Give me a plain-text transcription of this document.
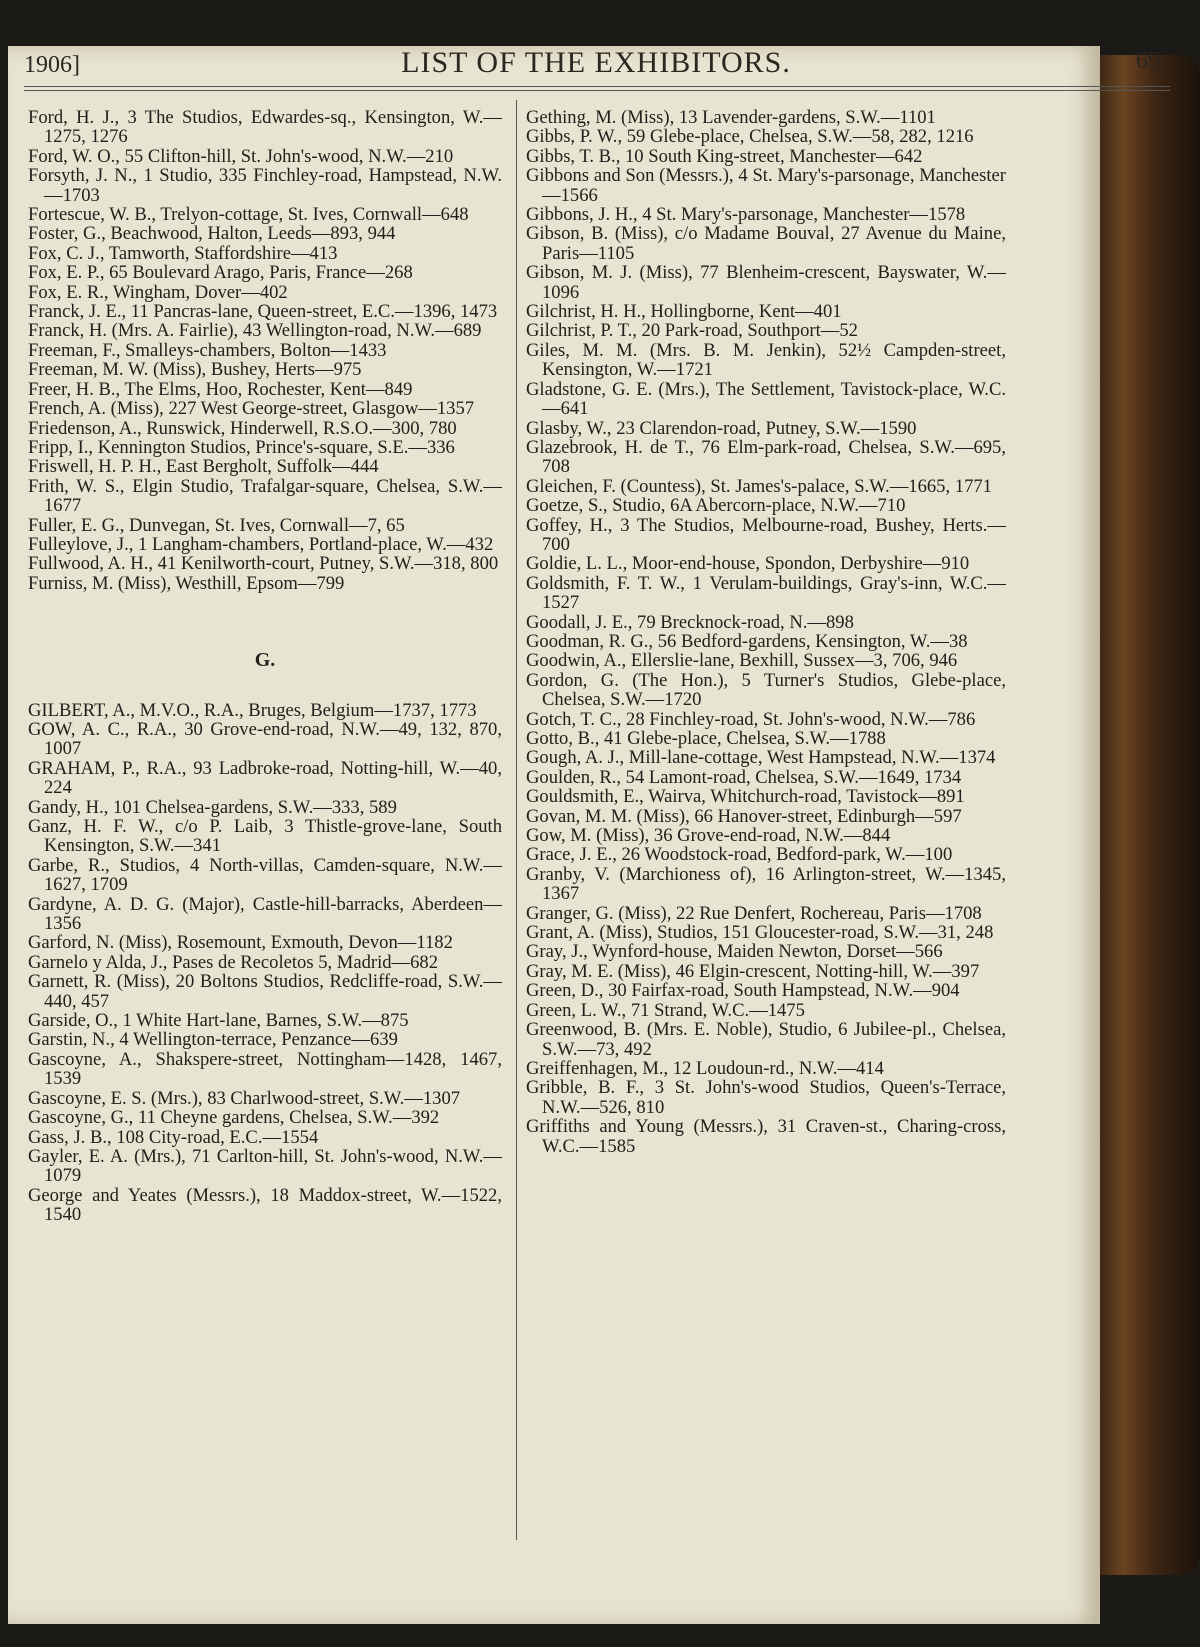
1906]	LIST OF THE EXHIBITORS.	69

Ford, H. J., 3 The Studios, Edwardes-sq., Kensington, W.—1275, 1276

Ford, W. O., 55 Clifton-hill, St. John's-wood, N.W.—210

Forsyth, J. N., 1 Studio, 335 Finchley-road, Hampstead, N.W.—1703

Fortescue, W. B., Trelyon-cottage, St. Ives, Cornwall—648

Foster, G., Beachwood, Halton, Leeds—893, 944

Fox, C. J., Tamworth, Staffordshire—413

Fox, E. P., 65 Boulevard Arago, Paris, France—268

Fox, E. R., Wingham, Dover—402

Franck, J. E., 11 Pancras-lane, Queen-street, E.C.—1396, 1473

Franck, H. (Mrs. A. Fairlie), 43 Wellington-road, N.W.—689

Freeman, F., Smalleys-chambers, Bolton—1433

Freeman, M. W. (Miss), Bushey, Herts—975

Freer, H. B., The Elms, Hoo, Rochester, Kent—849

French, A. (Miss), 227 West George-street, Glasgow—1357

Friedenson, A., Runswick, Hinderwell, R.S.O.—300, 780

Fripp, I., Kennington Studios, Prince's-square, S.E.—336

Friswell, H. P. H., East Bergholt, Suffolk—444

Frith, W. S., Elgin Studio, Trafalgar-square, Chelsea, S.W.—1677

Fuller, E. G., Dunvegan, St. Ives, Cornwall—7, 65

Fulleylove, J., 1 Langham-chambers, Portland-place, W.—432

Fullwood, A. H., 41 Kenilworth-court, Putney, S.W.—318, 800

Furniss, M. (Miss), Westhill, Epsom—799

G.

GILBERT, A., M.V.O., R.A., Bruges, Belgium—1737, 1773

GOW, A. C., R.A., 30 Grove-end-road, N.W.—49, 132, 870, 1007

GRAHAM, P., R.A., 93 Ladbroke-road, Notting-hill, W.—40, 224

Gandy, H., 101 Chelsea-gardens, S.W.—333, 589

Ganz, H. F. W., c/o P. Laib, 3 Thistle-grove-lane, South Kensington, S.W.—341

Garbe, R., Studios, 4 North-villas, Camden-square, N.W.—1627, 1709

Gardyne, A. D. G. (Major), Castle-hill-barracks, Aberdeen—1356

Garford, N. (Miss), Rosemount, Exmouth, Devon—1182

Garnelo y Alda, J., Pases de Recoletos 5, Madrid—682

Garnett, R. (Miss), 20 Boltons Studios, Redcliffe-road, S.W.—440, 457

Garside, O., 1 White Hart-lane, Barnes, S.W.—875

Garstin, N., 4 Wellington-terrace, Penzance—639

Gascoyne, A., Shakspere-street, Nottingham—1428, 1467, 1539

Gascoyne, E. S. (Mrs.), 83 Charlwood-street, S.W.—1307

Gascoyne, G., 11 Cheyne gardens, Chelsea, S.W.—392

Gass, J. B., 108 City-road, E.C.—1554

Gayler, E. A. (Mrs.), 71 Carlton-hill, St. John's-wood, N.W.—1079

George and Yeates (Messrs.), 18 Maddox-street, W.—1522, 1540

Gething, M. (Miss), 13 Lavender-gardens, S.W.—1101

Gibbs, P. W., 59 Glebe-place, Chelsea, S.W.—58, 282, 1216

Gibbs, T. B., 10 South King-street, Manchester—642

Gibbons and Son (Messrs.), 4 St. Mary's-parsonage, Manchester—1566

Gibbons, J. H., 4 St. Mary's-parsonage, Manchester—1578

Gibson, B. (Miss), c/o Madame Bouval, 27 Avenue du Maine, Paris—1105

Gibson, M. J. (Miss), 77 Blenheim-crescent, Bayswater, W.—1096

Gilchrist, H. H., Hollingborne, Kent—401

Gilchrist, P. T., 20 Park-road, Southport—52

Giles, M. M. (Mrs. B. M. Jenkin), 52½ Campden-street, Kensington, W.—1721

Gladstone, G. E. (Mrs.), The Settlement, Tavistock-place, W.C.—641

Glasby, W., 23 Clarendon-road, Putney, S.W.—1590

Glazebrook, H. de T., 76 Elm-park-road, Chelsea, S.W.—695, 708

Gleichen, F. (Countess), St. James's-palace, S.W.—1665, 1771

Goetze, S., Studio, 6A Abercorn-place, N.W.—710

Goffey, H., 3 The Studios, Melbourne-road, Bushey, Herts.—700

Goldie, L. L., Moor-end-house, Spondon, Derbyshire—910

Goldsmith, F. T. W., 1 Verulam-buildings, Gray's-inn, W.C.—1527

Goodall, J. E., 79 Brecknock-road, N.—898

Goodman, R. G., 56 Bedford-gardens, Kensington, W.—38

Goodwin, A., Ellerslie-lane, Bexhill, Sussex—3, 706, 946

Gordon, G. (The Hon.), 5 Turner's Studios, Glebe-place, Chelsea, S.W.—1720

Gotch, T. C., 28 Finchley-road, St. John's-wood, N.W.—786

Gotto, B., 41 Glebe-place, Chelsea, S.W.—1788

Gough, A. J., Mill-lane-cottage, West Hampstead, N.W.—1374

Goulden, R., 54 Lamont-road, Chelsea, S.W.—1649, 1734

Gouldsmith, E., Wairva, Whitchurch-road, Tavistock—891

Govan, M. M. (Miss), 66 Hanover-street, Edinburgh—597

Gow, M. (Miss), 36 Grove-end-road, N.W.—844

Grace, J. E., 26 Woodstock-road, Bedford-park, W.—100

Granby, V. (Marchioness of), 16 Arlington-street, W.—1345, 1367

Granger, G. (Miss), 22 Rue Denfert, Rochereau, Paris—1708

Grant, A. (Miss), Studios, 151 Gloucester-road, S.W.—31, 248

Gray, J., Wynford-house, Maiden Newton, Dorset—566

Gray, M. E. (Miss), 46 Elgin-crescent, Notting-hill, W.—397

Green, D., 30 Fairfax-road, South Hampstead, N.W.—904

Green, L. W., 71 Strand, W.C.—1475

Greenwood, B. (Mrs. E. Noble), Studio, 6 Jubilee-pl., Chelsea, S.W.—73, 492

Greiffenhagen, M., 12 Loudoun-rd., N.W.—414

Gribble, B. F., 3 St. John's-wood Studios, Queen's-Terrace, N.W.—526, 810

Griffiths and Young (Messrs.), 31 Craven-st., Charing-cross, W.C.—1585
